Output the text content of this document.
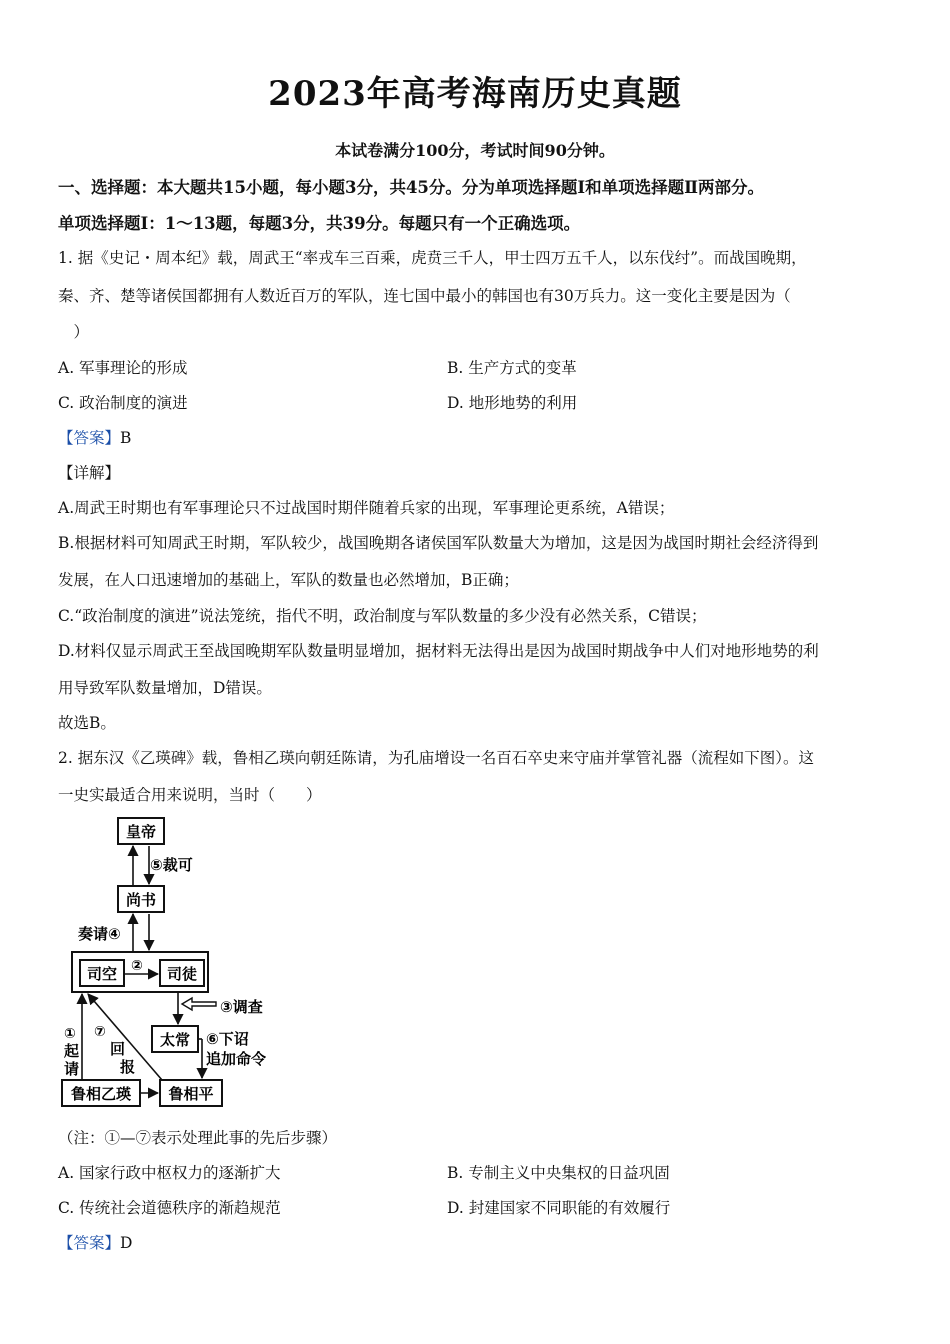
2023年高考海南历史真题
本试卷满分100分，考试时间90分钟。
一、选择题：本大题共15小题，每小题3分，共45分。分为单项选择题Ⅰ和单项选择题Ⅱ两部分。
单项选择题Ⅰ：1～13题，每题3分，共39分。每题只有一个正确选项。
1. 据《史记・周本纪》载，周武王“率戎车三百乘，虎贲三千人，甲士四万五千人，以东伐纣”。而战国晚期，
秦、齐、楚等诸侯国都拥有人数近百万的军队，连七国中最小的韩国也有30万兵力。这一变化主要是因为（
　）
A. 军事理论的形成	B. 生产方式的变革
C. 政治制度的演进	D. 地形地势的利用
【答案】B
【详解】
A.周武王时期也有军事理论只不过战国时期伴随着兵家的出现，军事理论更系统，A错误；
B.根据材料可知周武王时期，军队较少，战国晚期各诸侯国军队数量大为增加，这是因为战国时期社会经济得到
发展，在人口迅速增加的基础上，军队的数量也必然增加，B正确；
C.“政治制度的演进”说法笼统，指代不明，政治制度与军队数量的多少没有必然关系，C错误；
D.材料仅显示周武王至战国晚期军队数量明显增加，据材料无法得出是因为战国时期战争中人们对地形地势的利
用导致军队数量增加，D错误。
故选B。
2. 据东汉《乙瑛碑》载，鲁相乙瑛向朝廷陈请，为孔庙增设一名百石卒史来守庙并掌管礼器（流程如下图）。这
一史实最适合用来说明，当时（　　）
皇帝
尚书
⑤裁可
司空	司徒
②
奏请④
太常
③调查
鲁相乙瑛 鲁相平
①
起
请
⑦
回
报
⑥下诏
追加命令
（注：①—⑦表示处理此事的先后步骤）
A. 国家行政中枢权力的逐渐扩大	B. 专制主义中央集权的日益巩固
C. 传统社会道德秩序的渐趋规范	D. 封建国家不同职能的有效履行
【答案】D
